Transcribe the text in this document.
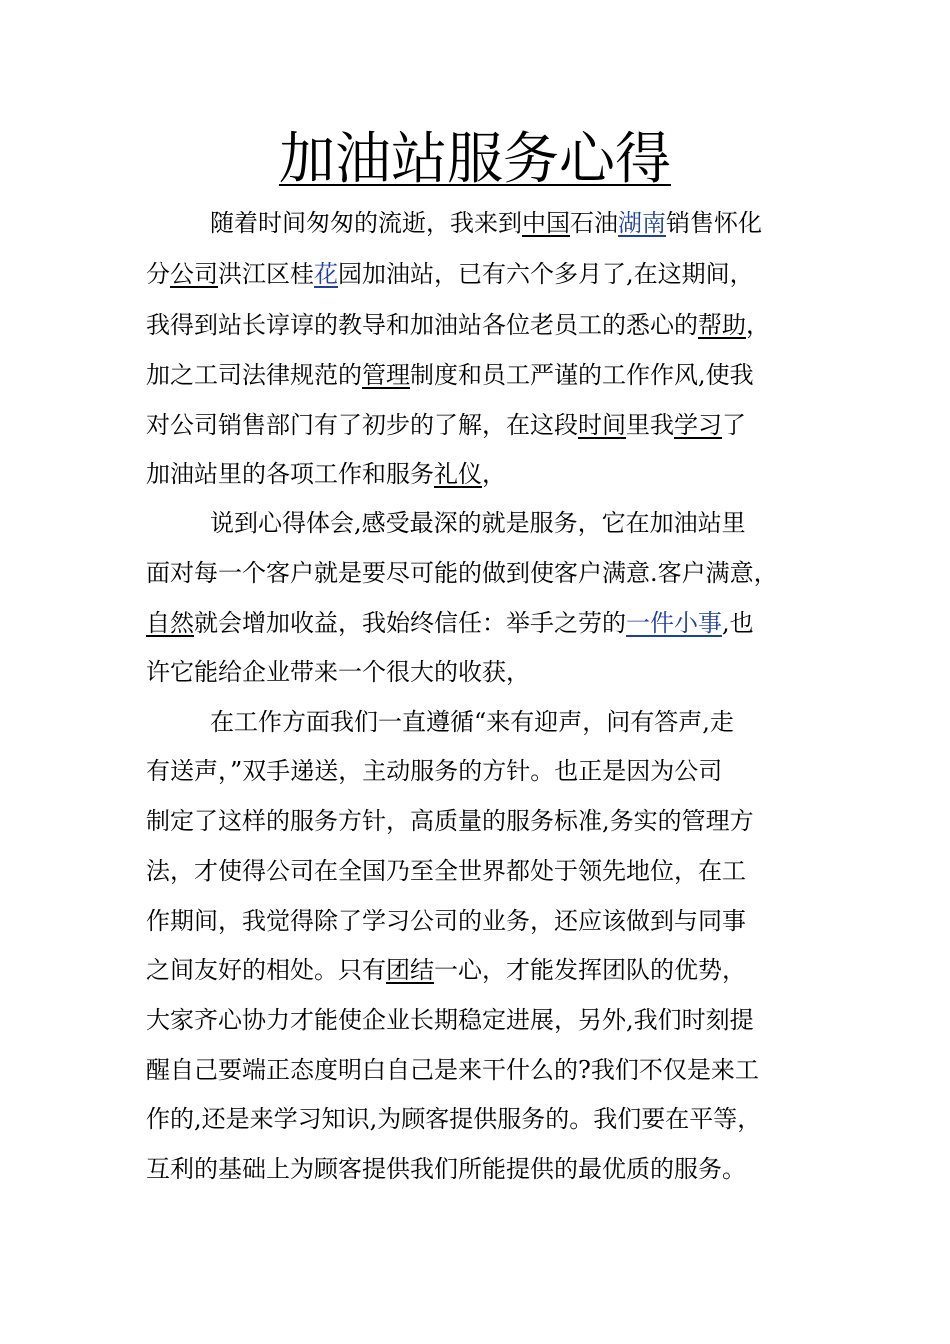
加油站服务心得
随着时间匆匆的流逝，我来到中国石油湖南销售怀化
分公司洪江区桂花园加油站，已有六个多月了,在这期间，
我得到站长谆谆的教导和加油站各位老员工的悉心的帮助，
加之工司法律规范的管理制度和员工严谨的工作作风,使我
对公司销售部门有了初步的了解，在这段时间里我学习了
加油站里的各项工作和服务礼仪，
说到心得体会,感受最深的就是服务，它在加油站里
面对每一个客户就是要尽可能的做到使客户满意.客户满意，
自然就会增加收益，我始终信任：举手之劳的一件小事,也
许它能给企业带来一个很大的收获，
在工作方面我们一直遵循“来有迎声，问有答声,走
有送声，”双手递送，主动服务的方针。也正是因为公司
制定了这样的服务方针，高质量的服务标准,务实的管理方
法，才使得公司在全国乃至全世界都处于领先地位，在工
作期间，我觉得除了学习公司的业务，还应该做到与同事
之间友好的相处。只有团结一心，才能发挥团队的优势，
大家齐心协力才能使企业长期稳定进展，另外,我们时刻提
醒自己要端正态度明白自己是来干什么的?我们不仅是来工
作的,还是来学习知识,为顾客提供服务的。我们要在平等，
互利的基础上为顾客提供我们所能提供的最优质的服务。
